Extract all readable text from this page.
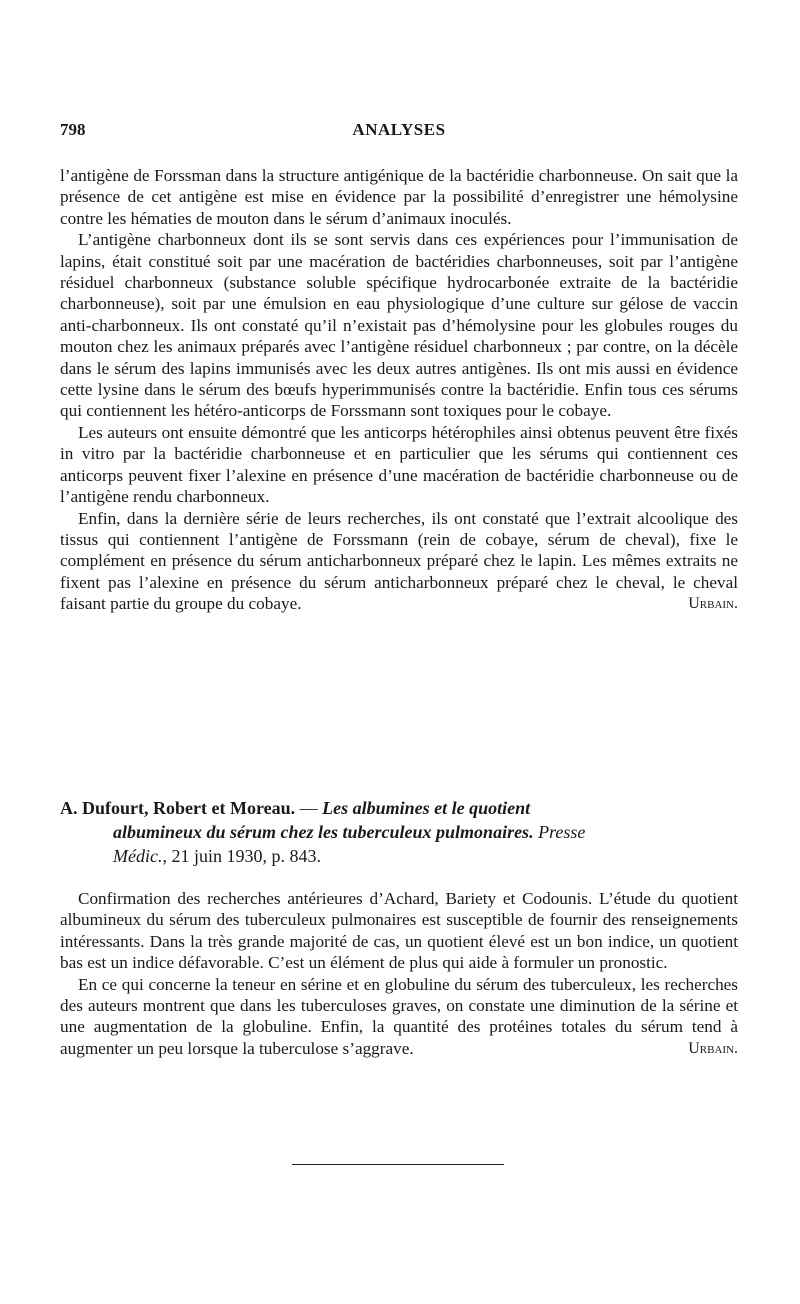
798	ANALYSES

l’antigène de Forssman dans la structure antigénique de la bactéridie charbonneuse. On sait que la présence de cet antigène est mise en évidence par la possibilité d’enregistrer une hémolysine contre les hématies de mouton dans le sérum d’animaux inoculés.

L’antigène charbonneux dont ils se sont servis dans ces expériences pour l’immunisation de lapins, était constitué soit par une macération de bactéridies charbonneuses, soit par l’antigène résiduel charbonneux (substance soluble spécifique hydrocarbonée extraite de la bactéridie charbonneuse), soit par une émulsion en eau physiologique d’une culture sur gélose de vaccin anti-charbonneux. Ils ont constaté qu’il n’existait pas d’hémolysine pour les globules rouges du mouton chez les animaux préparés avec l’antigène résiduel charbonneux ; par contre, on la décèle dans le sérum des lapins immunisés avec les deux autres antigènes. Ils ont mis aussi en évidence cette lysine dans le sérum des bœufs hyperimmunisés contre la bactéridie. Enfin tous ces sérums qui contiennent les hétéro-anticorps de Forssmann sont toxiques pour le cobaye.

Les auteurs ont ensuite démontré que les anticorps hétérophiles ainsi obtenus peuvent être fixés in vitro par la bactéridie charbonneuse et en particulier que les sérums qui contiennent ces anticorps peuvent fixer l’alexine en présence d’une macération de bactéridie charbonneuse ou de l’antigène rendu charbonneux.

Enfin, dans la dernière série de leurs recherches, ils ont constaté que l’extrait alcoolique des tissus qui contiennent l’antigène de Forssmann (rein de cobaye, sérum de cheval), fixe le complément en présence du sérum anticharbonneux préparé chez le lapin. Les mêmes extraits ne fixent pas l’alexine en présence du sérum anticharbonneux préparé chez le cheval, le cheval faisant partie du groupe du cobaye.	Urbain.

A. Dufourt, Robert et Moreau. — Les albumines et le quotient
albumineux du sérum chez les tuberculeux pulmonaires. Presse
Médic., 21 juin 1930, p. 843.

Confirmation des recherches antérieures d’Achard, Bariety et Codounis. L’étude du quotient albumineux du sérum des tuberculeux pulmonaires est susceptible de fournir des renseignements intéressants. Dans la très grande majorité de cas, un quotient élevé est un bon indice, un quotient bas est un indice défavorable. C’est un élément de plus qui aide à formuler un pronostic.

En ce qui concerne la teneur en sérine et en globuline du sérum des tuberculeux, les recherches des auteurs montrent que dans les tuberculoses graves, on constate une diminution de la sérine et une augmentation de la globuline. Enfin, la quantité des protéines totales du sérum tend à augmenter un peu lorsque la tuberculose s’aggrave.	Urbain.
